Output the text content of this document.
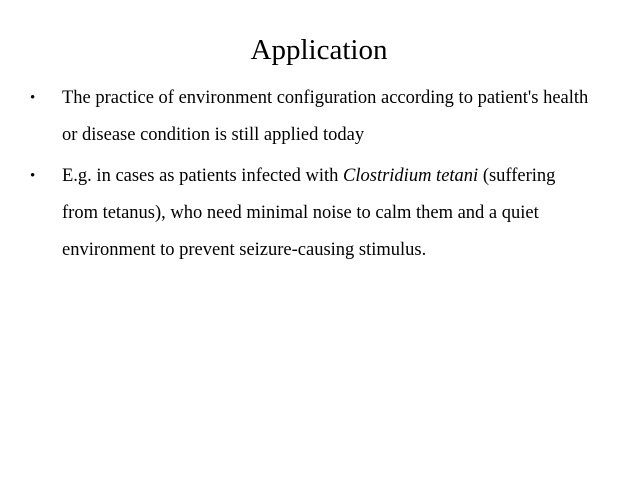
Application
•	The practice of environment configuration according to patient's health or disease condition is still applied today
•	E.g. in cases as patients infected with Clostridium tetani (suffering from tetanus), who need minimal noise to calm them and a quiet environment to prevent seizure-causing stimulus.
